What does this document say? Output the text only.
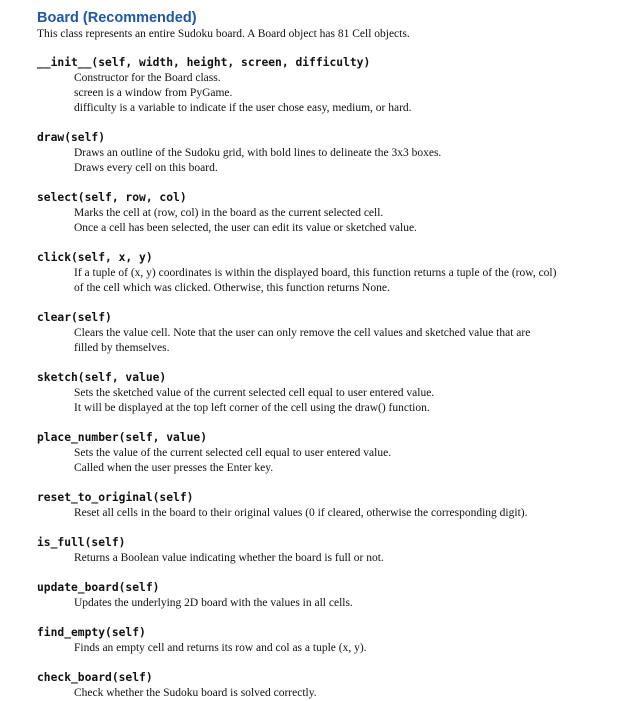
Board (Recommended)
This class represents an entire Sudoku board. A Board object has 81 Cell objects.
__init__(self, width, height, screen, difficulty)
Constructor for the Board class.
screen is a window from PyGame.
difficulty is a variable to indicate if the user chose easy, medium, or hard.
draw(self)
Draws an outline of the Sudoku grid, with bold lines to delineate the 3x3 boxes.
Draws every cell on this board.
select(self, row, col)
Marks the cell at (row, col) in the board as the current selected cell.
Once a cell has been selected, the user can edit its value or sketched value.
click(self, x, y)
If a tuple of (x, y) coordinates is within the displayed board, this function returns a tuple of the (row, col)
of the cell which was clicked. Otherwise, this function returns None.
clear(self)
Clears the value cell. Note that the user can only remove the cell values and sketched value that are
filled by themselves.
sketch(self, value)
Sets the sketched value of the current selected cell equal to user entered value.
It will be displayed at the top left corner of the cell using the draw() function.
place_number(self, value)
Sets the value of the current selected cell equal to user entered value.
Called when the user presses the Enter key.
reset_to_original(self)
Reset all cells in the board to their original values (0 if cleared, otherwise the corresponding digit).
is_full(self)
Returns a Boolean value indicating whether the board is full or not.
update_board(self)
Updates the underlying 2D board with the values in all cells.
find_empty(self)
Finds an empty cell and returns its row and col as a tuple (x, y).
check_board(self)
Check whether the Sudoku board is solved correctly.
